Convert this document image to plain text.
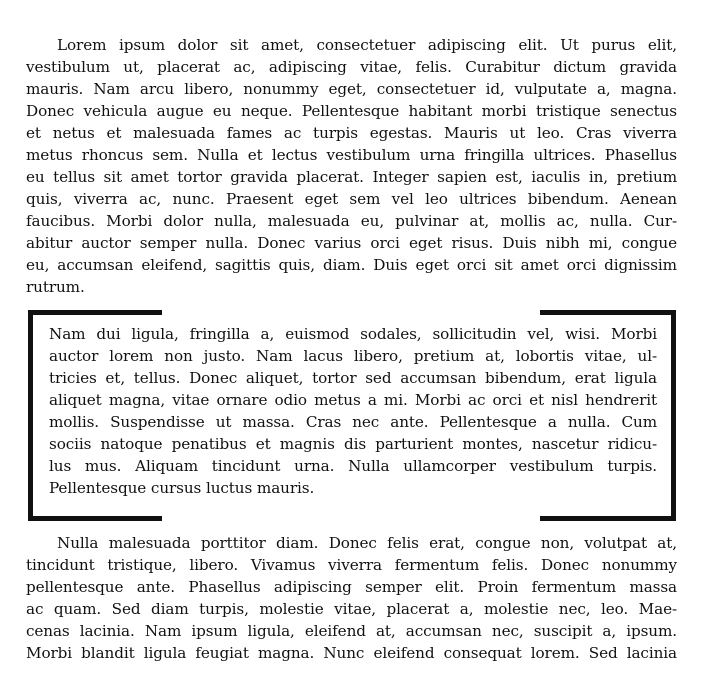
Lorem ipsum dolor sit amet, consectetuer adipiscing elit. Ut purus elit,
vestibulum ut, placerat ac, adipiscing vitae, felis. Curabitur dictum gravida
mauris. Nam arcu libero, nonummy eget, consectetuer id, vulputate a, magna.
Donec vehicula augue eu neque. Pellentesque habitant morbi tristique senectus
et netus et malesuada fames ac turpis egestas. Mauris ut leo. Cras viverra
metus rhoncus sem. Nulla et lectus vestibulum urna fringilla ultrices. Phasellus
eu tellus sit amet tortor gravida placerat. Integer sapien est, iaculis in, pretium
quis, viverra ac, nunc. Praesent eget sem vel leo ultrices bibendum. Aenean
faucibus. Morbi dolor nulla, malesuada eu, pulvinar at, mollis ac, nulla. Cur-
abitur auctor semper nulla. Donec varius orci eget risus. Duis nibh mi, congue
eu, accumsan eleifend, sagittis quis, diam. Duis eget orci sit amet orci dignissim
rutrum.
Nam dui ligula, fringilla a, euismod sodales, sollicitudin vel, wisi. Morbi
auctor lorem non justo. Nam lacus libero, pretium at, lobortis vitae, ul-
tricies et, tellus. Donec aliquet, tortor sed accumsan bibendum, erat ligula
aliquet magna, vitae ornare odio metus a mi. Morbi ac orci et nisl hendrerit
mollis. Suspendisse ut massa. Cras nec ante. Pellentesque a nulla. Cum
sociis natoque penatibus et magnis dis parturient montes, nascetur ridicu-
lus mus. Aliquam tincidunt urna. Nulla ullamcorper vestibulum turpis.
Pellentesque cursus luctus mauris.
Nulla malesuada porttitor diam. Donec felis erat, congue non, volutpat at,
tincidunt tristique, libero. Vivamus viverra fermentum felis. Donec nonummy
pellentesque ante. Phasellus adipiscing semper elit. Proin fermentum massa
ac quam. Sed diam turpis, molestie vitae, placerat a, molestie nec, leo. Mae-
cenas lacinia. Nam ipsum ligula, eleifend at, accumsan nec, suscipit a, ipsum.
Morbi blandit ligula feugiat magna. Nunc eleifend consequat lorem. Sed lacinia
